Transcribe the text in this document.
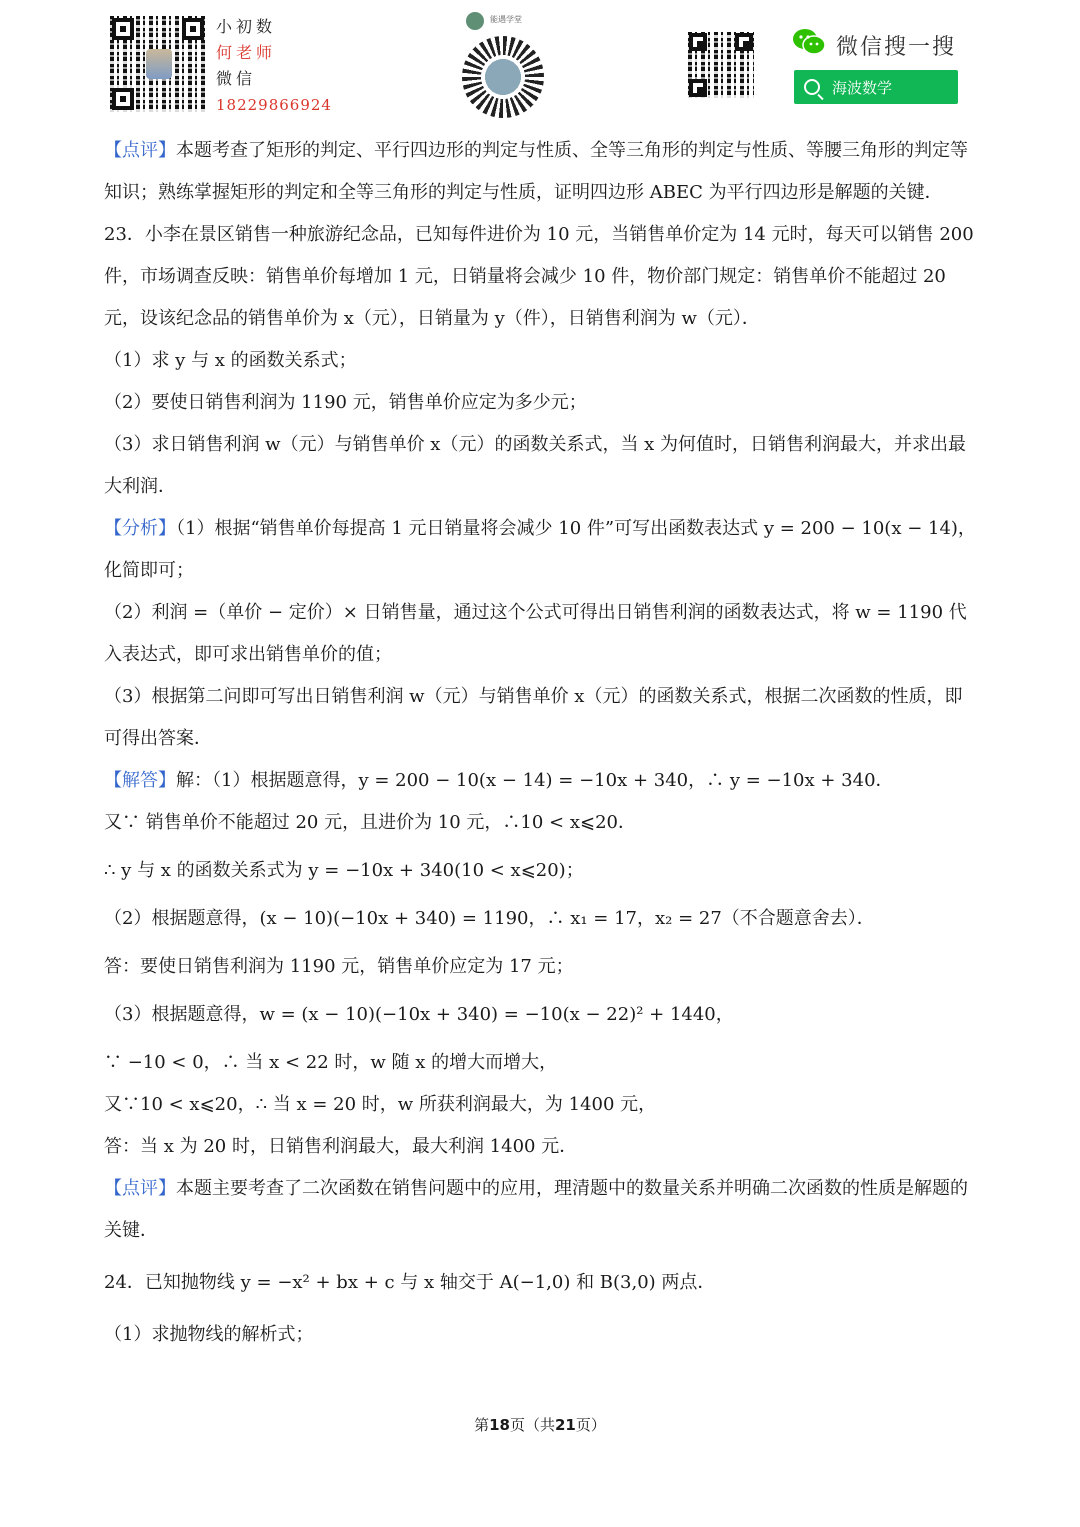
小初数
何老师
微信
18229866924
能遇学堂
微信搜一搜
海波数学

【点评】本题考查了矩形的判定、平行四边形的判定与性质、全等三角形的判定与性质、等腰三角形的判定等知识；熟练掌握矩形的判定和全等三角形的判定与性质，证明四边形 ABEC 为平行四边形是解题的关键．

23．小李在景区销售一种旅游纪念品，已知每件进价为 10 元，当销售单价定为 14 元时，每天可以销售 200 件，市场调查反映：销售单价每增加 1 元，日销量将会减少 10 件，物价部门规定：销售单价不能超过 20 元，设该纪念品的销售单价为 x（元），日销量为 y（件），日销售利润为 w（元）．

（1）求 y 与 x 的函数关系式；

（2）要使日销售利润为 1190 元，销售单价应定为多少元；

（3）求日销售利润 w（元）与销售单价 x（元）的函数关系式，当 x 为何值时，日销售利润最大，并求出最大利润．

【分析】（1）根据“销售单价每提高 1 元日销量将会减少 10 件”可写出函数表达式 y = 200 − 10(x − 14)，化简即可；

（2）利润 =（单价 − 定价）× 日销售量，通过这个公式可得出日销售利润的函数表达式，将 w = 1190 代入表达式，即可求出销售单价的值；

（3）根据第二问即可写出日销售利润 w（元）与销售单价 x（元）的函数关系式，根据二次函数的性质，即可得出答案．

【解答】解：（1）根据题意得，y = 200 − 10(x − 14) = −10x + 340，∴ y = −10x + 340．

又∵ 销售单价不能超过 20 元，且进价为 10 元，∴10 < x⩽20．

∴ y 与 x 的函数关系式为 y = −10x + 340(10 < x⩽20)；

（2）根据题意得，(x − 10)(−10x + 340) = 1190，∴ x₁ = 17，x₂ = 27（不合题意舍去）．

答：要使日销售利润为 1190 元，销售单价应定为 17 元；

（3）根据题意得，w = (x − 10)(−10x + 340) = −10(x − 22)² + 1440，

∵ −10 < 0，∴ 当 x < 22 时，w 随 x 的增大而增大，

又∵10 < x⩽20，∴ 当 x = 20 时，w 所获利润最大，为 1400 元，

答：当 x 为 20 时，日销售利润最大，最大利润 1400 元．

【点评】本题主要考查了二次函数在销售问题中的应用，理清题中的数量关系并明确二次函数的性质是解题的关键．

24．已知抛物线 y = −x² + bx + c 与 x 轴交于 A(−1,0) 和 B(3,0) 两点．

（1）求抛物线的解析式；

第18页（共21页）
